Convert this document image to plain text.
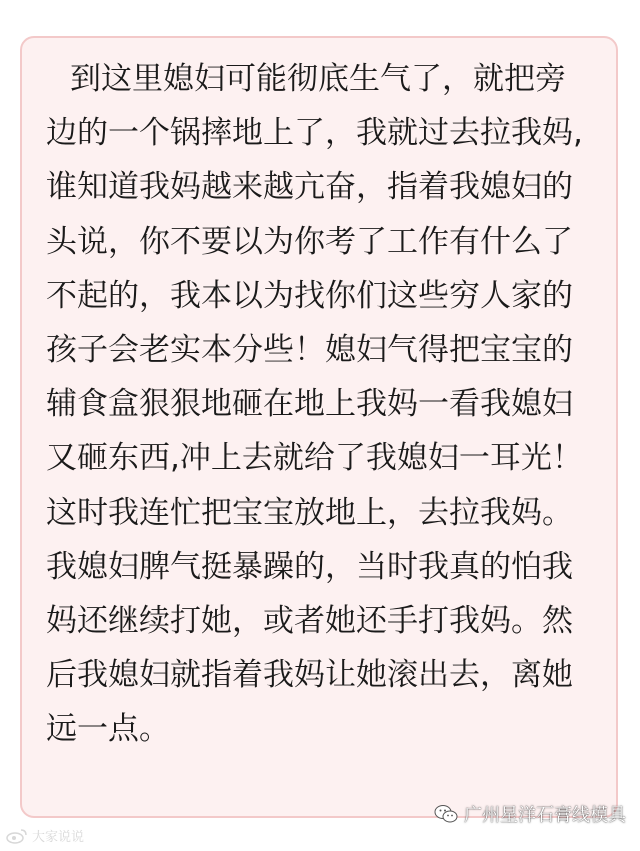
到这里媳妇可能彻底生气了，就把旁
边的一个锅摔地上了，我就过去拉我妈,
谁知道我妈越来越亢奋，指着我媳妇的
头说，你不要以为你考了工作有什么了
不起的，我本以为找你们这些穷人家的
孩子会老实本分些！媳妇气得把宝宝的
辅食盒狠狠地砸在地上我妈一看我媳妇
又砸东西,冲上去就给了我媳妇一耳光！
这时我连忙把宝宝放地上，去拉我妈。
我媳妇脾气挺暴躁的，当时我真的怕我
妈还继续打她，或者她还手打我妈。然
后我媳妇就指着我妈让她滚出去，离她
远一点。
大家说说
广州星洋石膏线模具
